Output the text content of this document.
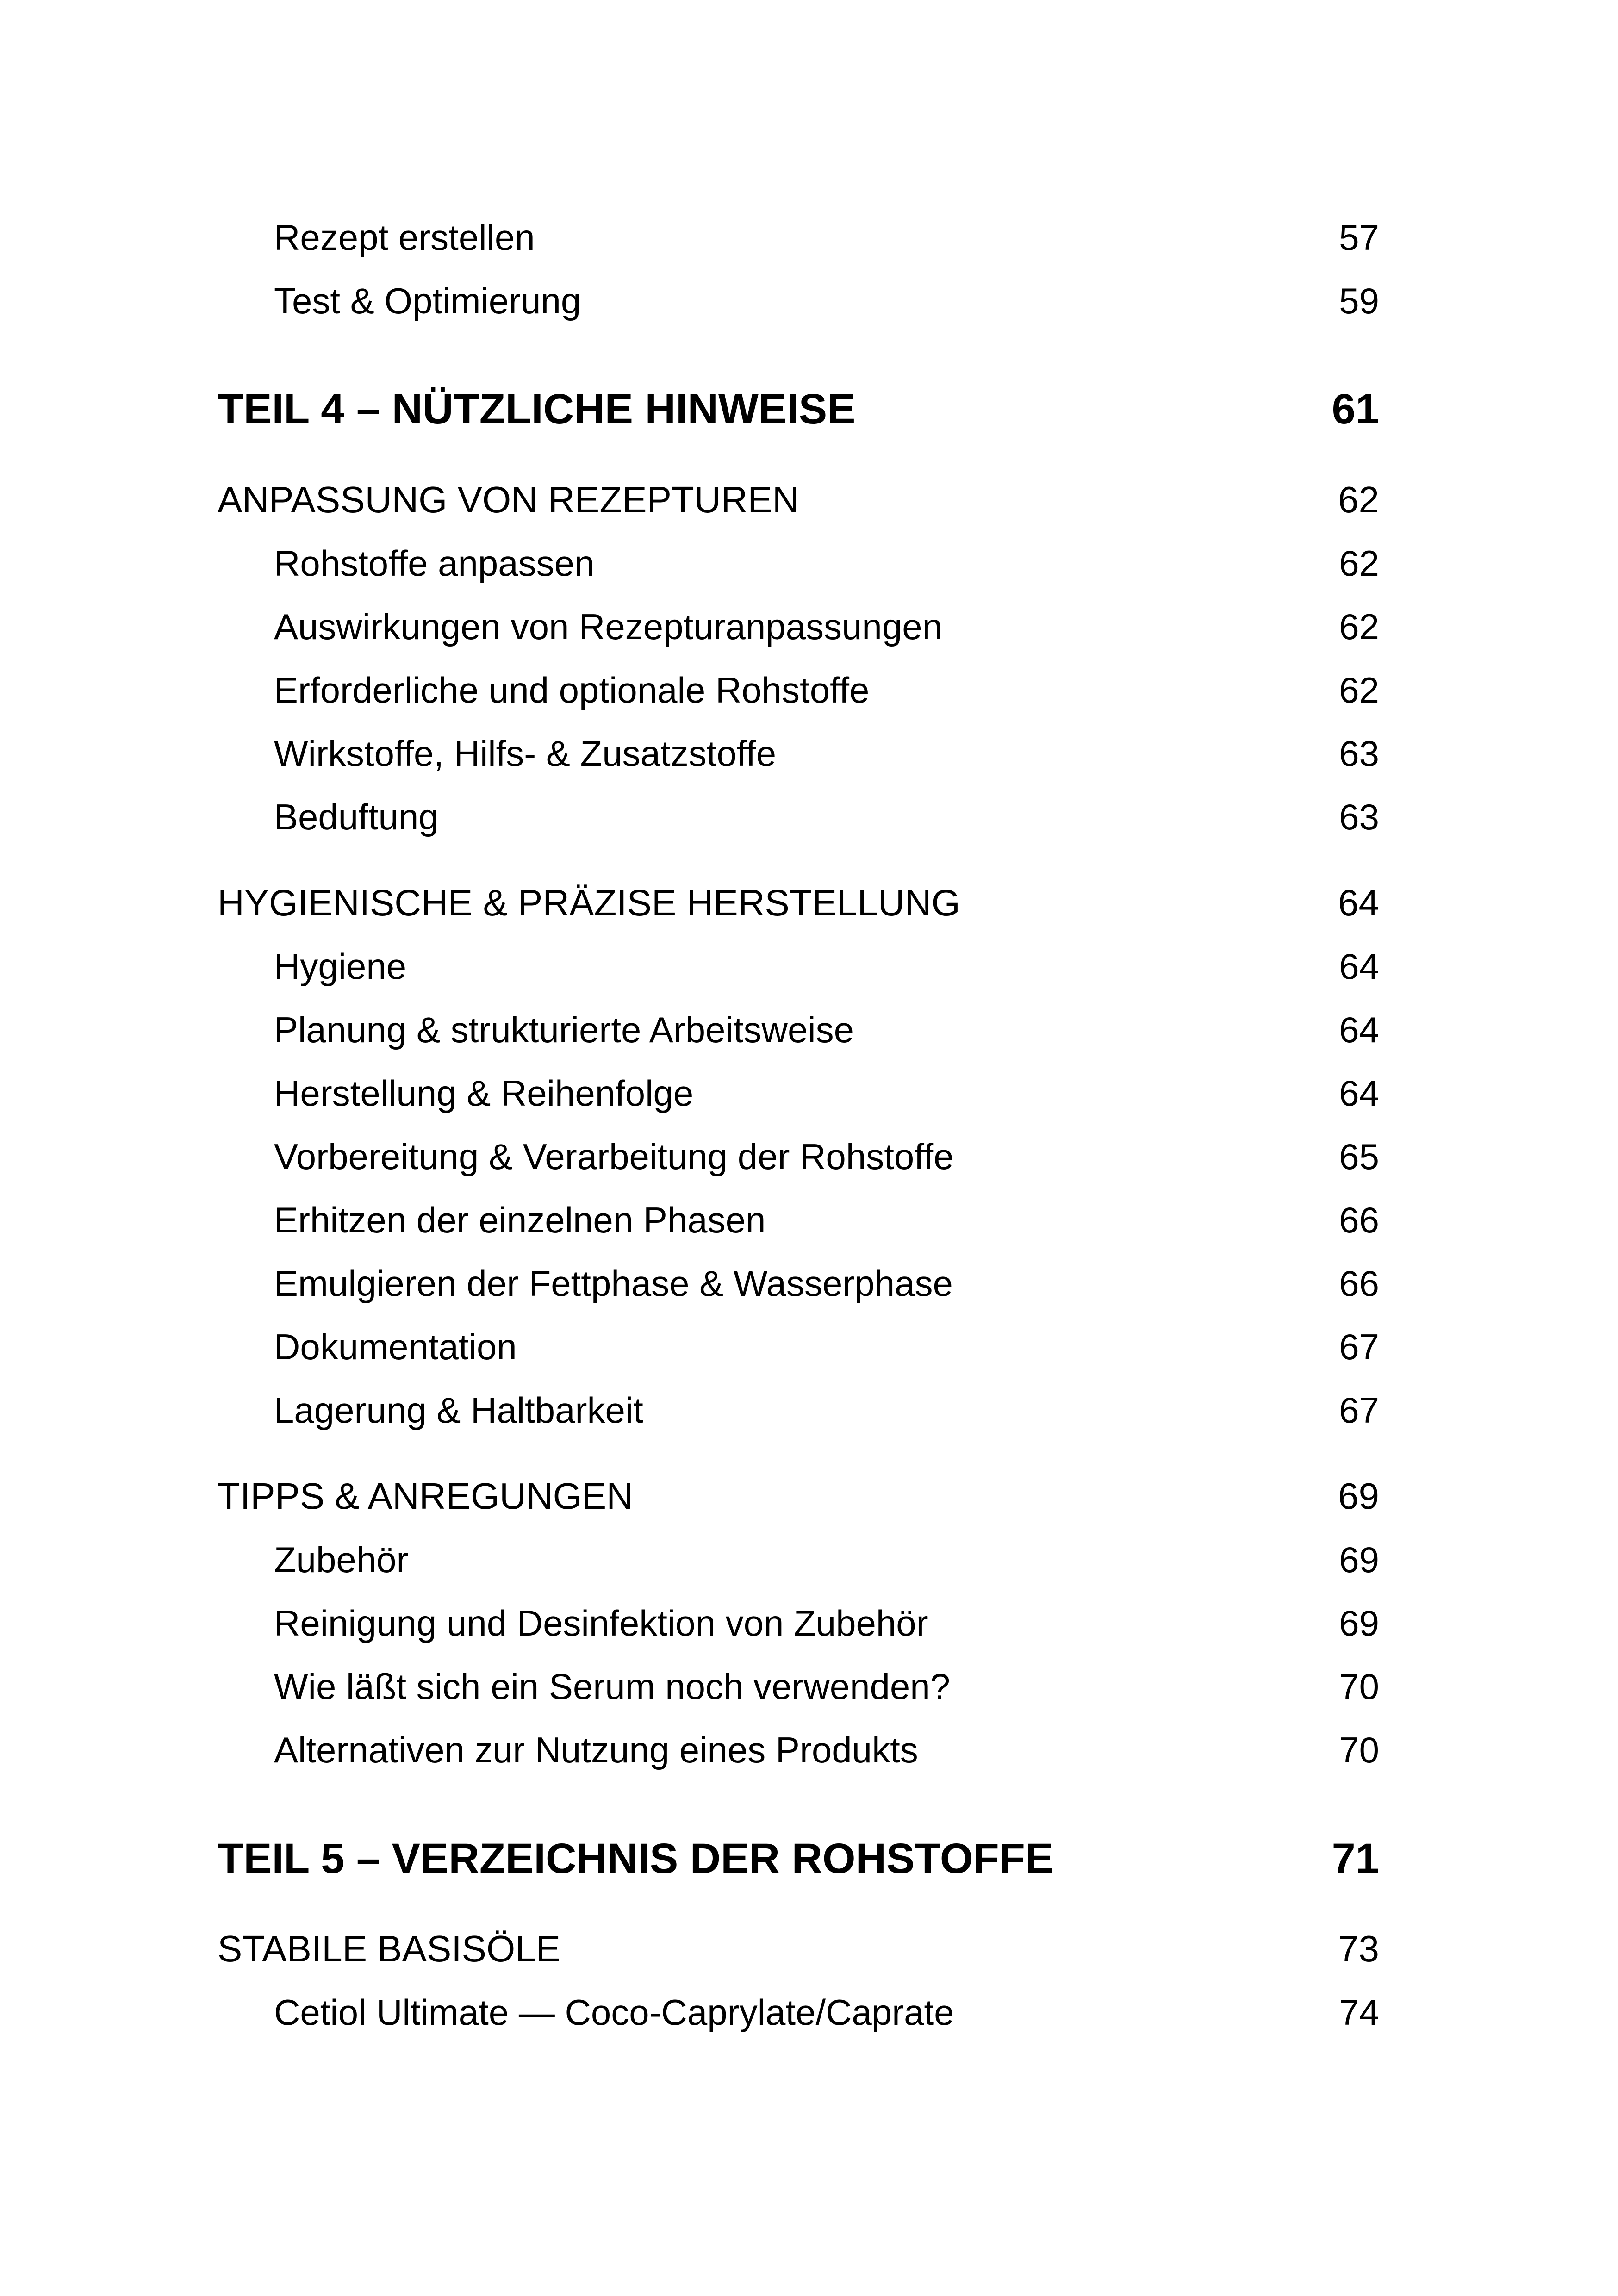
Rezept erstellen	57
Test & Optimierung	59
TEIL 4 – NÜTZLICHE HINWEISE	61
ANPASSUNG VON REZEPTUREN	62
Rohstoffe anpassen	62
Auswirkungen von Rezepturanpassungen	62
Erforderliche und optionale Rohstoffe	62
Wirkstoffe, Hilfs- & Zusatzstoffe	63
Beduftung	63
HYGIENISCHE & PRÄZISE HERSTELLUNG	64
Hygiene	64
Planung & strukturierte Arbeitsweise	64
Herstellung & Reihenfolge	64
Vorbereitung & Verarbeitung der Rohstoffe	65
Erhitzen der einzelnen Phasen	66
Emulgieren der Fettphase & Wasserphase	66
Dokumentation	67
Lagerung & Haltbarkeit	67
TIPPS & ANREGUNGEN	69
Zubehör	69
Reinigung und Desinfektion von Zubehör	69
Wie läßt sich ein Serum noch verwenden?	70
Alternativen zur Nutzung eines Produkts	70
TEIL 5 – VERZEICHNIS DER ROHSTOFFE	71
STABILE BASISÖLE	73
Cetiol Ultimate — Coco-Caprylate/Caprate	74
